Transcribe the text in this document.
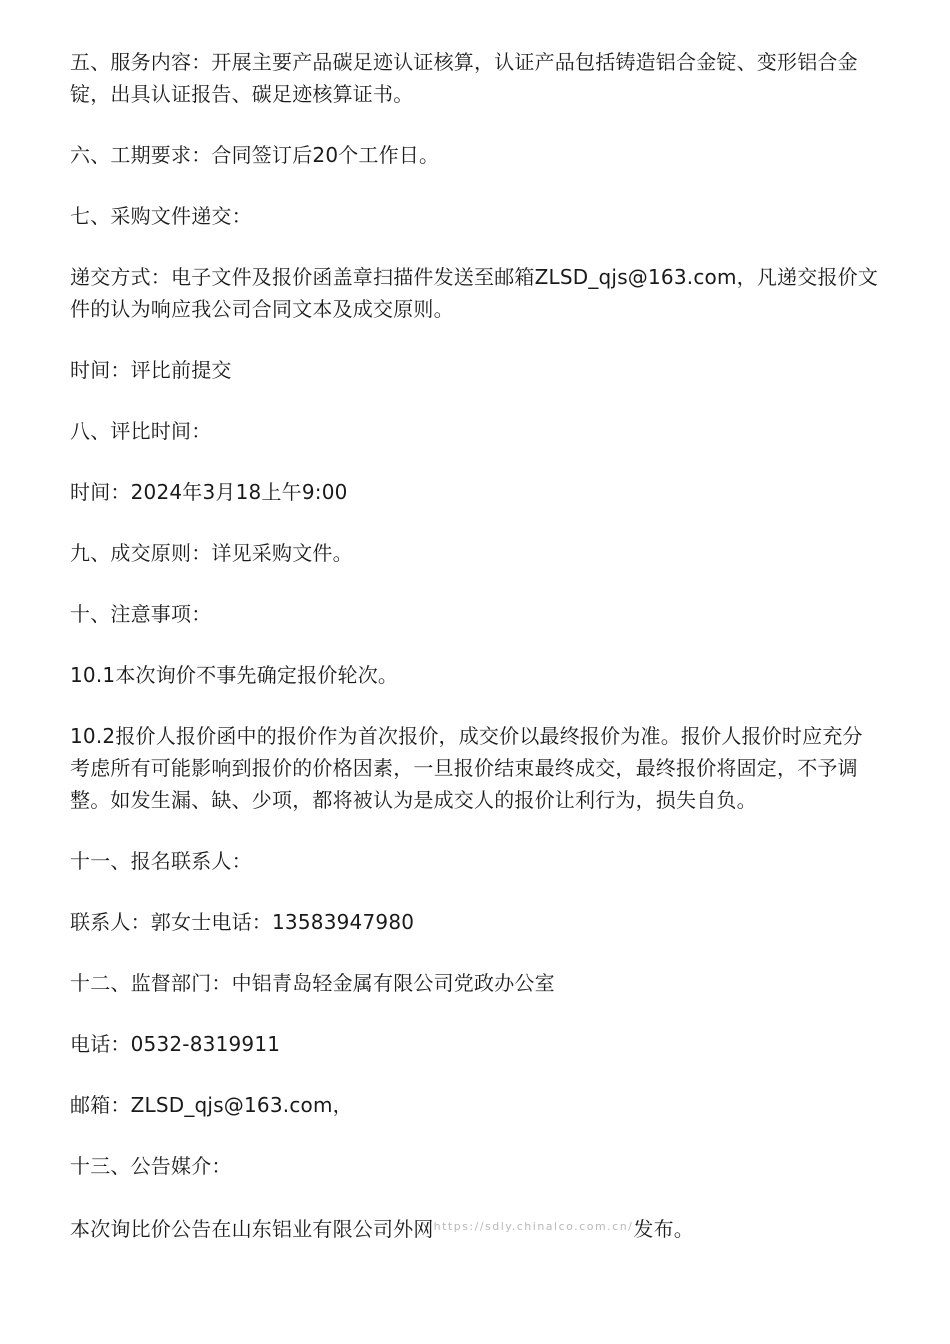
五、服务内容：开展主要产品碳足迹认证核算，认证产品包括铸造铝合金锭、变形铝合金锭，出具认证报告、碳足迹核算证书。

六、工期要求：合同签订后20个工作日。

七、采购文件递交：

递交方式：电子文件及报价函盖章扫描件发送至邮箱ZLSD_qjs@163.com，凡递交报价文件的认为响应我公司合同文本及成交原则。

时间：评比前提交

八、评比时间：

时间：2024年3月18上午9:00

九、成交原则：详见采购文件。

十、注意事项：

10.1本次询价不事先确定报价轮次。

10.2报价人报价函中的报价作为首次报价，成交价以最终报价为准。报价人报价时应充分考虑所有可能影响到报价的价格因素，一旦报价结束最终成交，最终报价将固定，不予调整。如发生漏、缺、少项，都将被认为是成交人的报价让利行为，损失自负。

十一、报名联系人：

联系人：郭女士电话：13583947980

十二、监督部门：中铝青岛轻金属有限公司党政办公室

电话：0532-8319911

邮箱：ZLSD_qjs@163.com，

十三、公告媒介：

本次询比价公告在山东铝业有限公司外网$^{https://sdly.chinalco.com.cn/}$发布。
